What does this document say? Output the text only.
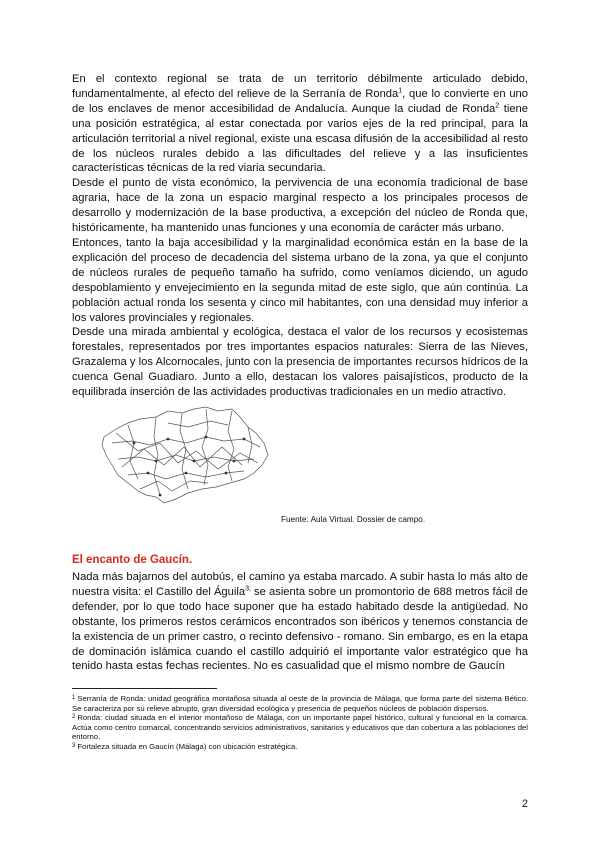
En el contexto regional se trata de un territorio débilmente articulado debido, fundamentalmente, al efecto del relieve de la Serranía de Ronda$^1$, que lo convierte en uno de los enclaves de menor accesibilidad de Andalucía. Aunque la ciudad de Ronda$^2$ tiene una posición estratégica, al estar conectada por varios ejes de la red principal, para la articulación territorial a nivel regional, existe una escasa difusión de la accesibilidad al resto de los núcleos rurales debido a las dificultades del relieve y a las insuficientes características técnicas de la red viaria secundaria.

Desde el punto de vista económico, la pervivencia de una economía tradicional de base agraria, hace de la zona un espacio marginal respecto a los principales procesos de desarrollo y modernización de la base productiva, a excepción del núcleo de Ronda que, históricamente, ha mantenido unas funciones y una economía de carácter más urbano.

Entonces, tanto la baja accesibilidad y la marginalidad económica están en la base de la explicación del proceso de decadencia del sistema urbano de la zona, ya que el conjunto de núcleos rurales de pequeño tamaño ha sufrido, como veníamos diciendo, un agudo despoblamiento y envejecimiento en la segunda mitad de este siglo, que aún continúa. La población actual ronda los sesenta y cinco mil habitantes, con una densidad muy inferior a los valores provinciales y regionales.

Desde una mirada ambiental y ecológica, destaca el valor de los recursos y ecosistemas forestales, representados por tres importantes espacios naturales: Sierra de las Nieves, Grazalema y los Alcornocales, junto con la presencia de importantes recursos hídricos de la cuenca Genal Guadiaro. Junto a ello, destacan los valores paisajísticos, producto de la equilibrada inserción de las actividades productivas tradicionales en un medio atractivo.

Fuente: Aula Virtual. Dossier de campo.
El encanto de Gaucín.

Nada más bajarnos del autobús, el camino ya estaba marcado. A subir hasta lo más alto de nuestra visita: el Castillo del Águila$^{3;}$ se asienta sobre un promontorio de 688 metros fácil de defender, por lo que todo hace suponer que ha estado habitado desde la antigüedad. No obstante, los primeros restos cerámicos encontrados son ibéricos y tenemos constancia de la existencia de un primer castro, o recinto defensivo - romano. Sin embargo, es en la etapa de dominación islámica cuando el castillo adquirió el importante valor estratégico que ha tenido hasta estas fechas recientes. No es casualidad que el mismo nombre de Gaucín

$^1$ Serranía de Ronda: unidad geográfica montañosa situada al oeste de la provincia de Málaga, que forma parte del sistema Bético. Se caracteriza por su relieve abrupto, gran diversidad ecológica y presencia de pequeños núcleos de población dispersos.

$^2$ Ronda: ciudad situada en el interior montañoso de Málaga, con un importante papel histórico, cultural y funcional en la comarca. Actúa como centro comarcal, concentrando servicios administrativos, sanitarios y educativos que dan cobertura a las poblaciones del entorno.

$^3$ Fortaleza situada en Gaucín (Málaga) con ubicación estratégica.

2
